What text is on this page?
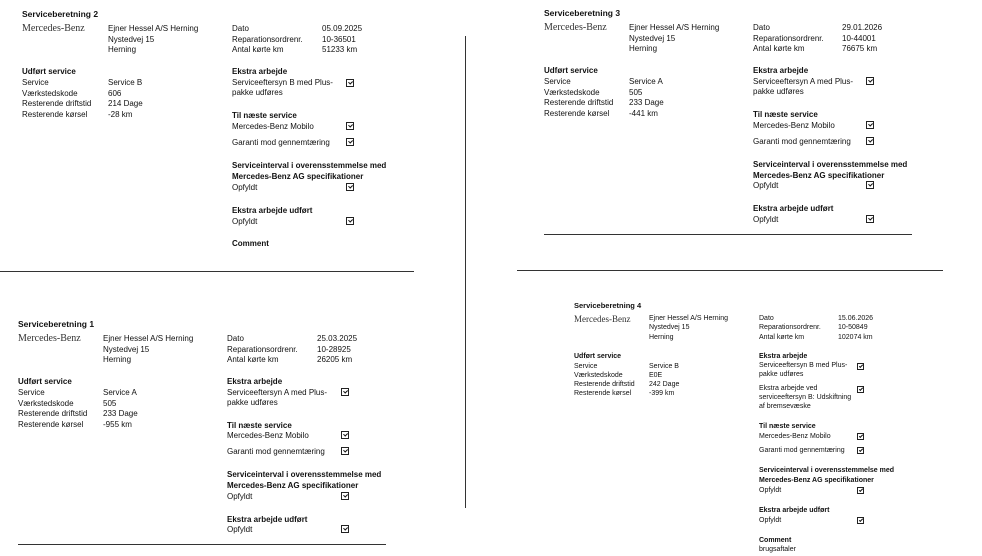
Serviceberetning 2
Mercedes-Benz	Ejner Hessel A/S Herning
Nystedvej 15
Herning
Dato	05.09.2025
Reparationsordrenr. 10-36501
Antal kørte km	51233 km
Udført service
Service	Service B
Værkstedskode	606
Resterende driftstid 214 Dage
Resterende kørsel	-28 km
Ekstra arbejde
Serviceeftersyn B med Plus-
pakke udføres
Til næste service
Mercedes-Benz Mobilo
Garanti mod gennemtæring
Serviceinterval i overensstemmelse med
Mercedes-Benz AG specifikationer
Opfyldt
Ekstra arbejde udført
Opfyldt
Comment
Serviceberetning 3
Mercedes-Benz	Ejner Hessel A/S Herning
Nystedvej 15
Herning
Dato	29.01.2026
Reparationsordrenr. 10-44001
Antal kørte km	76675 km
Udført service
Service	Service A
Værkstedskode	505
Resterende driftstid 233 Dage
Resterende kørsel -441 km
Ekstra arbejde
Serviceeftersyn A med Plus-
pakke udføres
Til næste service
Mercedes-Benz Mobilo
Garanti mod gennemtæring
Serviceinterval i overensstemmelse med
Mercedes-Benz AG specifikationer
Opfyldt
Ekstra arbejde udført
Opfyldt
Serviceberetning 1
Mercedes-Benz	Ejner Hessel A/S Herning
Nystedvej 15
Herning
Dato	25.03.2025
Reparationsordrenr. 10-28925
Antal kørte km	26205 km
Udført service
Service	Service A
Værkstedskode	505
Resterende driftstid 233 Dage
Resterende kørsel -955 km
Ekstra arbejde
Serviceeftersyn A med Plus-
pakke udføres
Til næste service
Mercedes-Benz Mobilo
Garanti mod gennemtæring
Serviceinterval i overensstemmelse med
Mercedes-Benz AG specifikationer
Opfyldt
Ekstra arbejde udført
Opfyldt
Serviceberetning 4
Mercedes-Benz	Ejner Hessel A/S Herning
Nystedvej 15
Herning
Dato	15.06.2026
Reparationsordrenr. 10-50849
Antal kørte km	102074 km
Udført service
Service	Service B
Værkstedskode	E0E
Resterende driftstid 242 Dage
Resterende kørsel	-399 km
Ekstra arbejde
Serviceeftersyn B med Plus-
pakke udføres
Ekstra arbejde ved
serviceeftersyn B: Udskiftning
af bremsevæske
Til næste service
Mercedes-Benz Mobilo
Garanti mod gennemtæring
Serviceinterval i overensstemmelse med
Mercedes-Benz AG specifikationer
Opfyldt
Ekstra arbejde udført
Opfyldt
Comment
brugsaftaler
